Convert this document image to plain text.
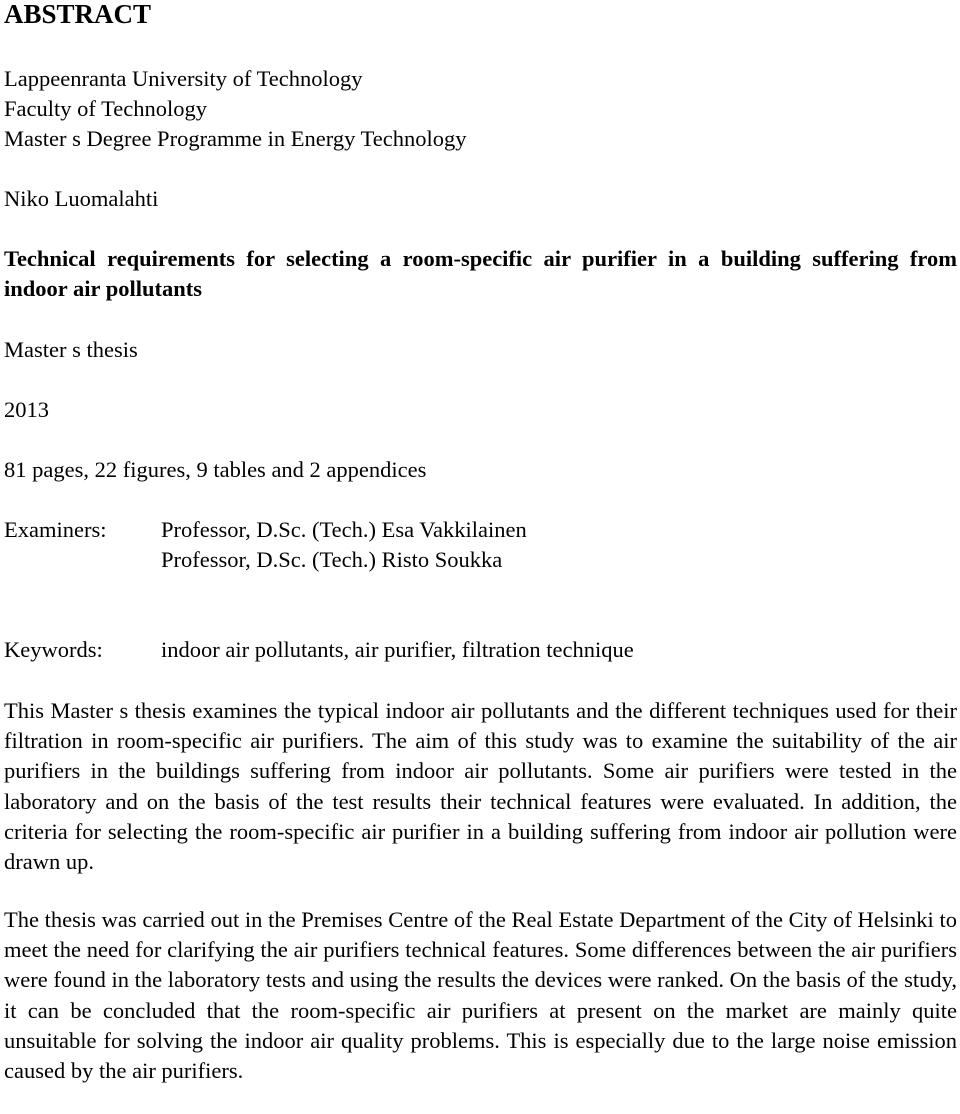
ABSTRACT
Lappeenranta University of Technology
Faculty of Technology
Master s Degree Programme in Energy Technology
Niko Luomalahti
Technical requirements for selecting a room-specific air purifier in a building suffering from indoor air pollutants
Master s thesis
2013
81 pages, 22 figures, 9 tables and 2 appendices
Examiners: Professor, D.Sc. (Tech.) Esa Vakkilainen
Professor, D.Sc. (Tech.) Risto Soukka
Keywords:	indoor air pollutants, air purifier, filtration technique
This Master s thesis examines the typical indoor air pollutants and the different techniques used for their filtration in room-specific air purifiers. The aim of this study was to examine the suitability of the air purifiers in the buildings suffering from indoor air pollutants. Some air purifiers were tested in the laboratory and on the basis of the test results their technical features were evaluated. In addition, the criteria for selecting the room-specific air purifier in a building suffering from indoor air pollution were drawn up.
The thesis was carried out in the Premises Centre of the Real Estate Department of the City of Helsinki to meet the need for clarifying the air purifiers technical features. Some differences between the air purifiers were found in the laboratory tests and using the results the devices were ranked. On the basis of the study, it can be concluded that the room-specific air purifiers at present on the market are mainly quite unsuitable for solving the indoor air quality problems. This is especially due to the large noise emission caused by the air purifiers.
